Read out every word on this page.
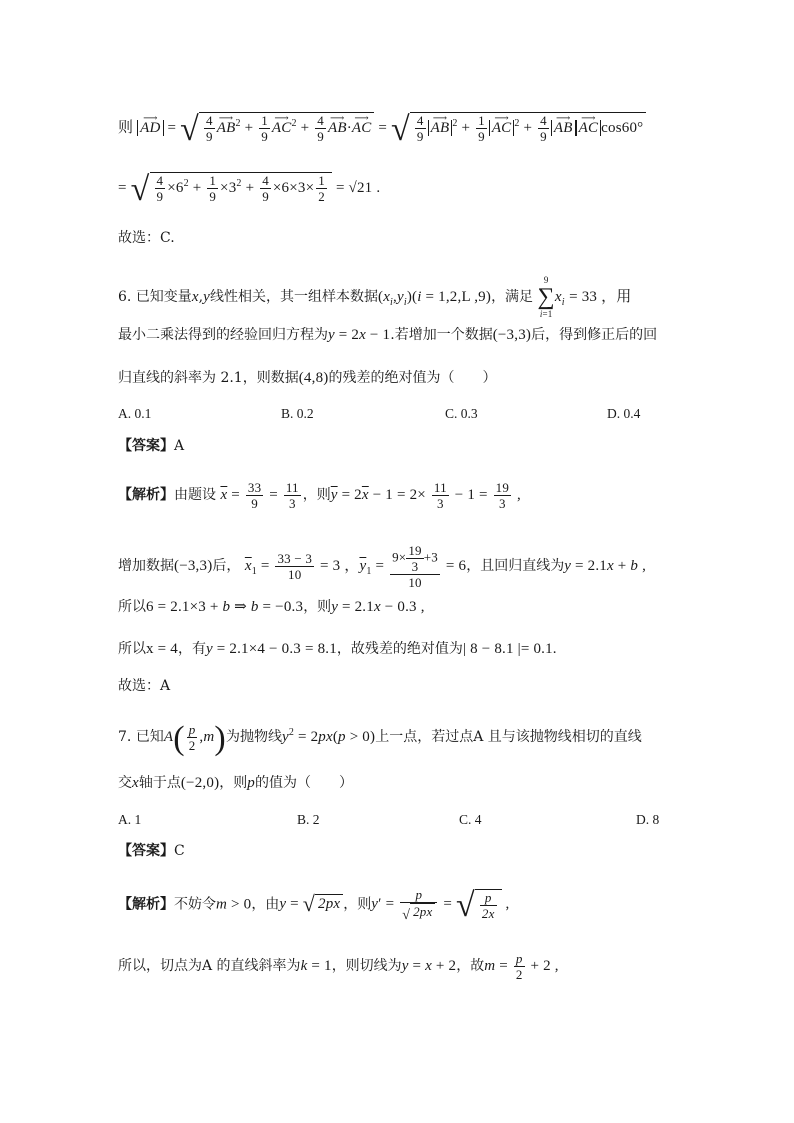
则 ⟶ AD = √ $\frac{4}{9}$ ⟶ $AB^2 + \frac{1}{9}$ ⟶ $AC^2 + \frac{4}{9}$ ⟶ AB·⟶ AC = √ $\frac{4}{9}$ ⟶ AB $^2 + \frac{1}{9}$ ⟶ AC $^2 + \frac{4}{9}$ ⟶ AB ⟶ AC cos60°
= √ $\frac{4}{9} \times 6^2 + \frac{1}{9} \times 3^2 + \frac{4}{9} \times 6\times 3\times \frac{1}{2} = √21$ .
故选：C.
6. 已知变量x,y线性相关，其一组样本数据$(x_i,y_i)(i = 1,2,L$ ,9)，满足
9
∑
i=1
$x_i = 33$ ，用
最小二乘法得到的经验回归方程为y = 2x − 1.若增加一个数据(−3,3)后，得到修正后的回
归直线的斜率为 2.1，则数据(4,8)的残差的绝对值为（　　）
A. 0.1	B. 0.2	C. 0.3	D. 0.4
【答案】A
【解析】由题设 $\overline{x} = \frac{33}{9} = \frac{11}{3}$ ，则$\overline{y} = 2\overline{x} - 1 = 2\times \frac{11}{3} - 1 = \frac{19}{3}$ ,
增加数据(−3,3)后， $\overline{x}_1 = \frac{33 - 3}{10} = 3$ ，$\overline{y}_1 = \frac{9\times \frac{19}{3} +3}{10} = 6$，且回归直线为y = 2.1x + b ,
所以6 = 2.1×3 + b ⇒ b = −0.3，则y = 2.1x − 0.3 ,
所以x = 4，有y = 2.1×4 − 0.3 = 8.1，故残差的绝对值为| 8 − 8.1 |= 0.1.
故选：A
7. 已知$A( \frac{p}{2} ,m)$为抛物线$y^2 = 2px(p > 0)$上一点，若过点A 且与该抛物线相切的直线
交x轴于点(−2,0)，则p的值为（　　）
A. 1	B. 2	C. 4	D. 8
【答案】C
【解析】不妨令m > 0，由y = √ 2px ，则$y' = \frac{p}{√ 2px}$ = √ $\frac{p}{2x}$ ,
所以，切点为A 的直线斜率为k = 1，则切线为y = x + 2，故$m = \frac{p}{2} + 2$ ,
